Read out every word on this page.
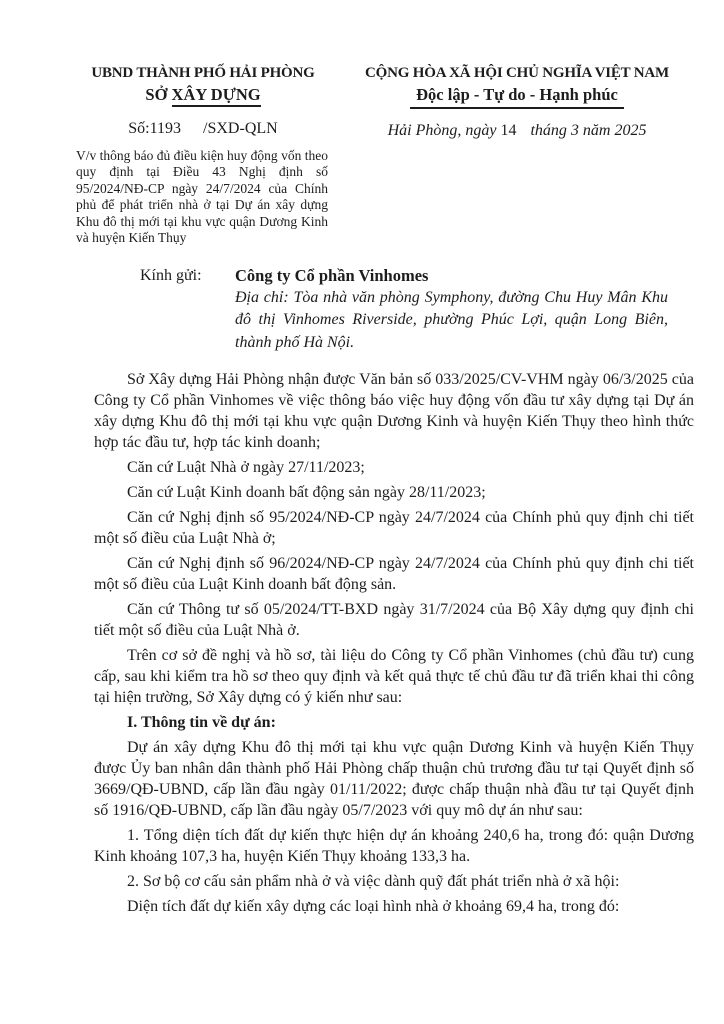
UBND THÀNH PHỐ HẢI PHÒNG
SỞ XÂY DỰNG
Số:1193 /SXD-QLN
V/v thông báo đủ điều kiện huy động vốn theo quy định tại Điều 43 Nghị định số 95/2024/NĐ-CP ngày 24/7/2024 của Chính phủ để phát triển nhà ở tại Dự án xây dựng Khu đô thị mới tại khu vực quận Dương Kinh và huyện Kiến Thụy
CỘNG HÒA XÃ HỘI CHỦ NGHĨA VIỆT NAM
Độc lập - Tự do - Hạnh phúc
Hải Phòng, ngày 14 tháng 3 năm 2025
Kính gửi:	Công ty Cổ phần Vinhomes
Địa chỉ: Tòa nhà văn phòng Symphony, đường Chu Huy Mân Khu đô thị Vinhomes Riverside, phường Phúc Lợi, quận Long Biên, thành phố Hà Nội.

Sở Xây dựng Hải Phòng nhận được Văn bản số 033/2025/CV-VHM ngày 06/3/2025 của Công ty Cổ phần Vinhomes về việc thông báo việc huy động vốn đầu tư xây dựng tại Dự án xây dựng Khu đô thị mới tại khu vực quận Dương Kinh và huyện Kiến Thụy theo hình thức hợp tác đầu tư, hợp tác kinh doanh;

Căn cứ Luật Nhà ở ngày 27/11/2023;

Căn cứ Luật Kinh doanh bất động sản ngày 28/11/2023;

Căn cứ Nghị định số 95/2024/NĐ-CP ngày 24/7/2024 của Chính phủ quy định chi tiết một số điều của Luật Nhà ở;

Căn cứ Nghị định số 96/2024/NĐ-CP ngày 24/7/2024 của Chính phủ quy định chi tiết một số điều của Luật Kinh doanh bất động sản.

Căn cứ Thông tư số 05/2024/TT-BXD ngày 31/7/2024 của Bộ Xây dựng quy định chi tiết một số điều của Luật Nhà ở.

Trên cơ sở đề nghị và hồ sơ, tài liệu do Công ty Cổ phần Vinhomes (chủ đầu tư) cung cấp, sau khi kiểm tra hồ sơ theo quy định và kết quả thực tế chủ đầu tư đã triển khai thi công tại hiện trường, Sở Xây dựng có ý kiến như sau:

I. Thông tin về dự án:

Dự án xây dựng Khu đô thị mới tại khu vực quận Dương Kinh và huyện Kiến Thụy được Ủy ban nhân dân thành phố Hải Phòng chấp thuận chủ trương đầu tư tại Quyết định số 3669/QĐ-UBND, cấp lần đầu ngày 01/11/2022; được chấp thuận nhà đầu tư tại Quyết định số 1916/QĐ-UBND, cấp lần đầu ngày 05/7/2023 với quy mô dự án như sau:

1. Tổng diện tích đất dự kiến thực hiện dự án khoảng 240,6 ha, trong đó: quận Dương Kinh khoảng 107,3 ha, huyện Kiến Thụy khoảng 133,3 ha.

2. Sơ bộ cơ cấu sản phẩm nhà ở và việc dành quỹ đất phát triển nhà ở xã hội:

Diện tích đất dự kiến xây dựng các loại hình nhà ở khoảng 69,4 ha, trong đó:
